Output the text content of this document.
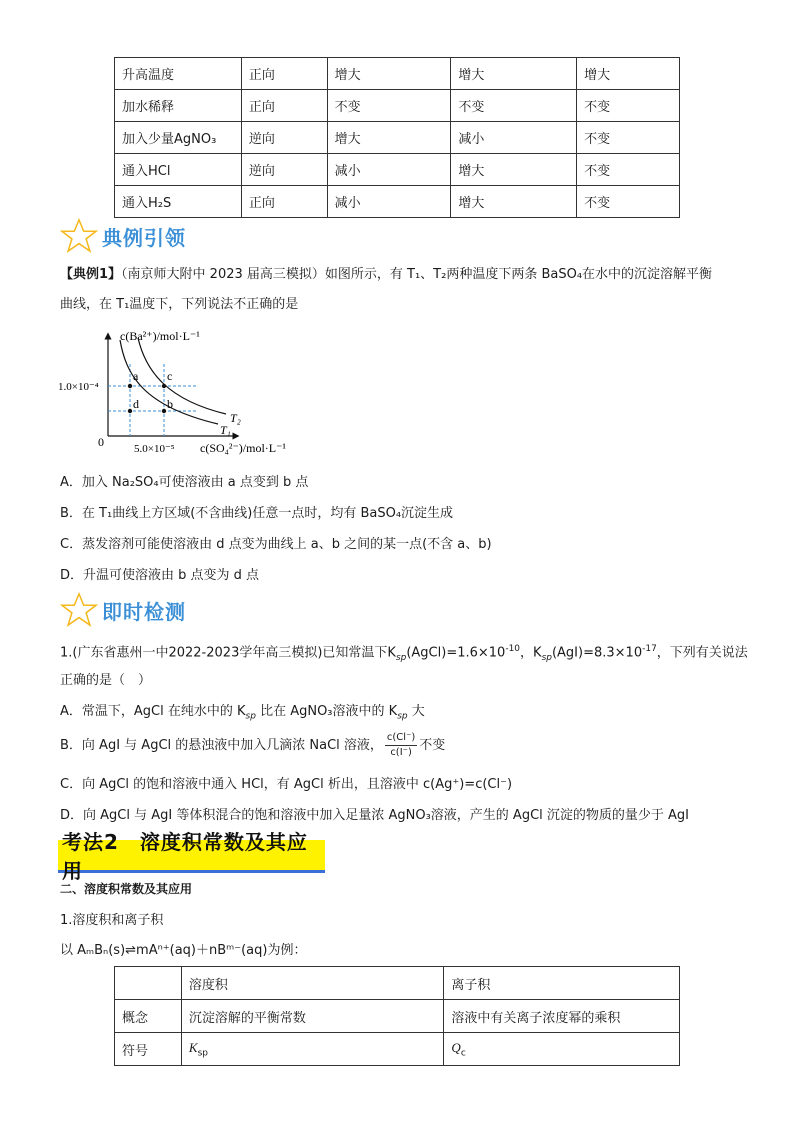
升高温度	正向	增大	增大	增大
加水稀释	正向	不变	不变	不变
加入少量AgNO₃	逆向	增大	减小	不变
通入HCl	逆向	减小	增大	不变
通入H₂S	正向	减小	增大	不变
典例引领
【典例1】（南京师大附中 2023 届高三模拟）如图所示，有 T₁、T₂两种温度下两条 BaSO₄在水中的沉淀溶解平衡
曲线，在 T₁温度下，下列说法不正确的是
a c
d b
c(Ba²⁺)/mol·L⁻¹
c(SO₄²⁻)/mol·L⁻¹
1.0×10⁻⁴
5.0×10⁻⁵
0
T₂
T₁
A．加入 Na₂SO₄可使溶液由 a 点变到 b 点
B．在 T₁曲线上方区域(不含曲线)任意一点时，均有 BaSO₄沉淀生成
C．蒸发溶剂可能使溶液由 d 点变为曲线上 a、b 之间的某一点(不含 a、b)
D．升温可使溶液由 b 点变为 d 点
即时检测
1.(广东省惠州一中2022-2023学年高三模拟)已知常温下$K_{sp}(AgCl)=1.6\times 10^{-10}$，$K_{sp}(AgI)=8.3\times 10^{-17}$，下列有关说法
正确的是（　）
A．常温下，AgCl 在纯水中的 $K_{sp}$ 比在 AgNO₃溶液中的 $K_{sp}$ 大
B．向 AgI 与 AgCl 的悬浊液中加入几滴浓 NaCl 溶液， $\frac{c(Cl^-)}{c(I^-)}$ 不变
C．向 AgCl 的饱和溶液中通入 HCl，有 AgCl 析出，且溶液中 c(Ag⁺)=c(Cl⁻)
D．向 AgCl 与 AgI 等体积混合的饱和溶液中加入足量浓 AgNO₃溶液，产生的 AgCl 沉淀的物质的量少于 AgI
考法2　溶度积常数及其应用
二、溶度积常数及其应用
1.溶度积和离子积
以 AₘBₙ(s)⇌mAⁿ⁺(aq)＋nBᵐ⁻(aq)为例：
	溶度积	离子积
概念	沉淀溶解的平衡常数	溶液中有关离子浓度幂的乘积
符号	$K_{sp}$	$Q_c$
